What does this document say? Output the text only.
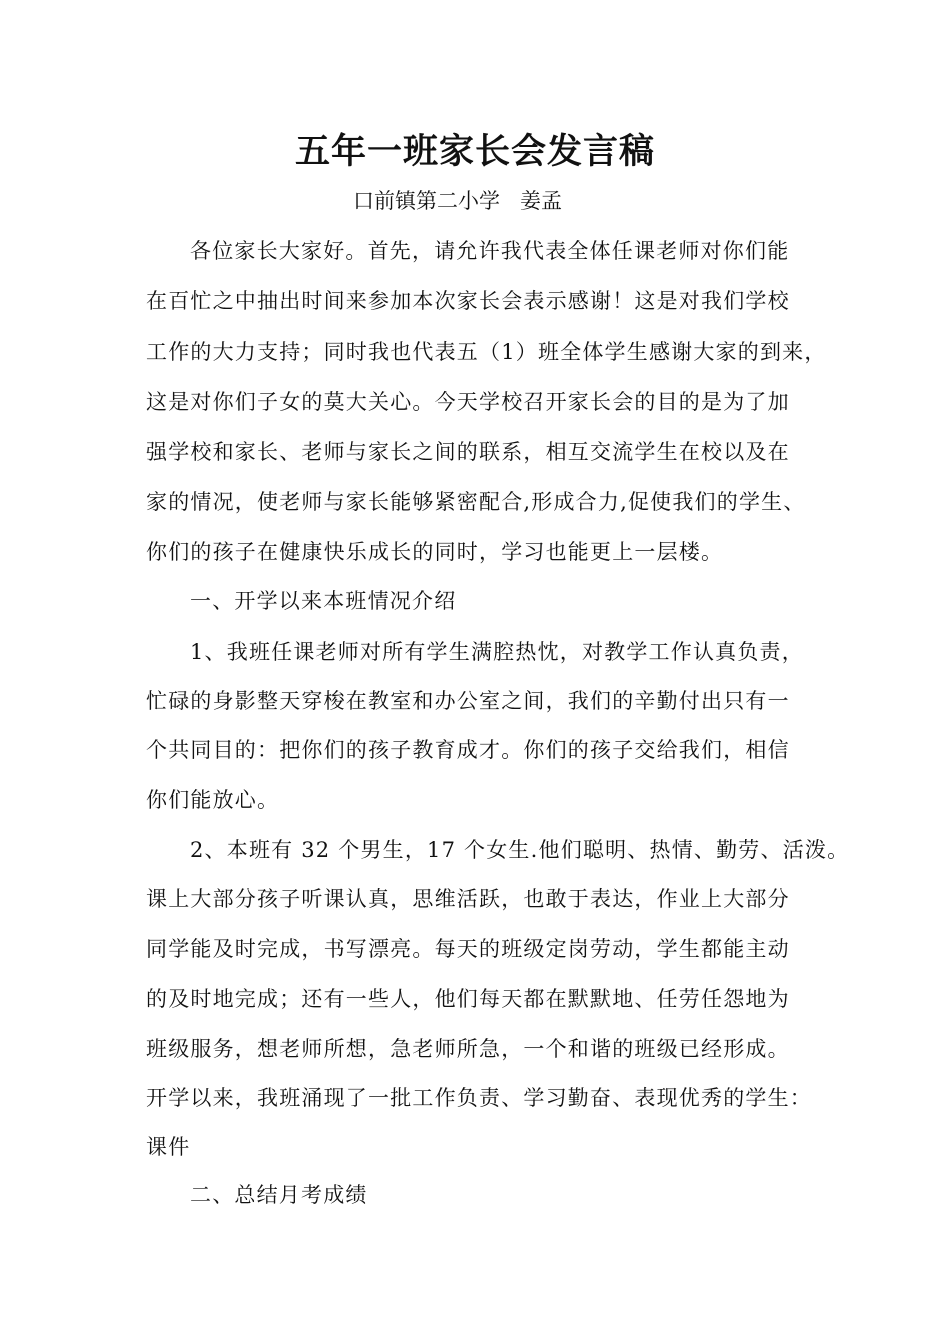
五年一班家长会发言稿
口前镇第二小学   姜孟
各位家长大家好。首先，请允许我代表全体任课老师对你们能
在百忙之中抽出时间来参加本次家长会表示感谢！这是对我们学校
工作的大力支持；同时我也代表五（1）班全体学生感谢大家的到来，
这是对你们子女的莫大关心。今天学校召开家长会的目的是为了加
强学校和家长、老师与家长之间的联系，相互交流学生在校以及在
家的情况，使老师与家长能够紧密配合,形成合力,促使我们的学生、
你们的孩子在健康快乐成长的同时，学习也能更上一层楼。
一、开学以来本班情况介绍
1、我班任课老师对所有学生满腔热忱，对教学工作认真负责，
忙碌的身影整天穿梭在教室和办公室之间，我们的辛勤付出只有一
个共同目的：把你们的孩子教育成才。你们的孩子交给我们，相信
你们能放心。
2、本班有 32 个男生，17 个女生.他们聪明、热情、勤劳、活泼。
课上大部分孩子听课认真，思维活跃，也敢于表达，作业上大部分
同学能及时完成，书写漂亮。每天的班级定岗劳动，学生都能主动
的及时地完成；还有一些人，他们每天都在默默地、任劳任怨地为
班级服务，想老师所想，急老师所急，一个和谐的班级已经形成。
开学以来，我班涌现了一批工作负责、学习勤奋、表现优秀的学生：
课件
二、总结月考成绩
